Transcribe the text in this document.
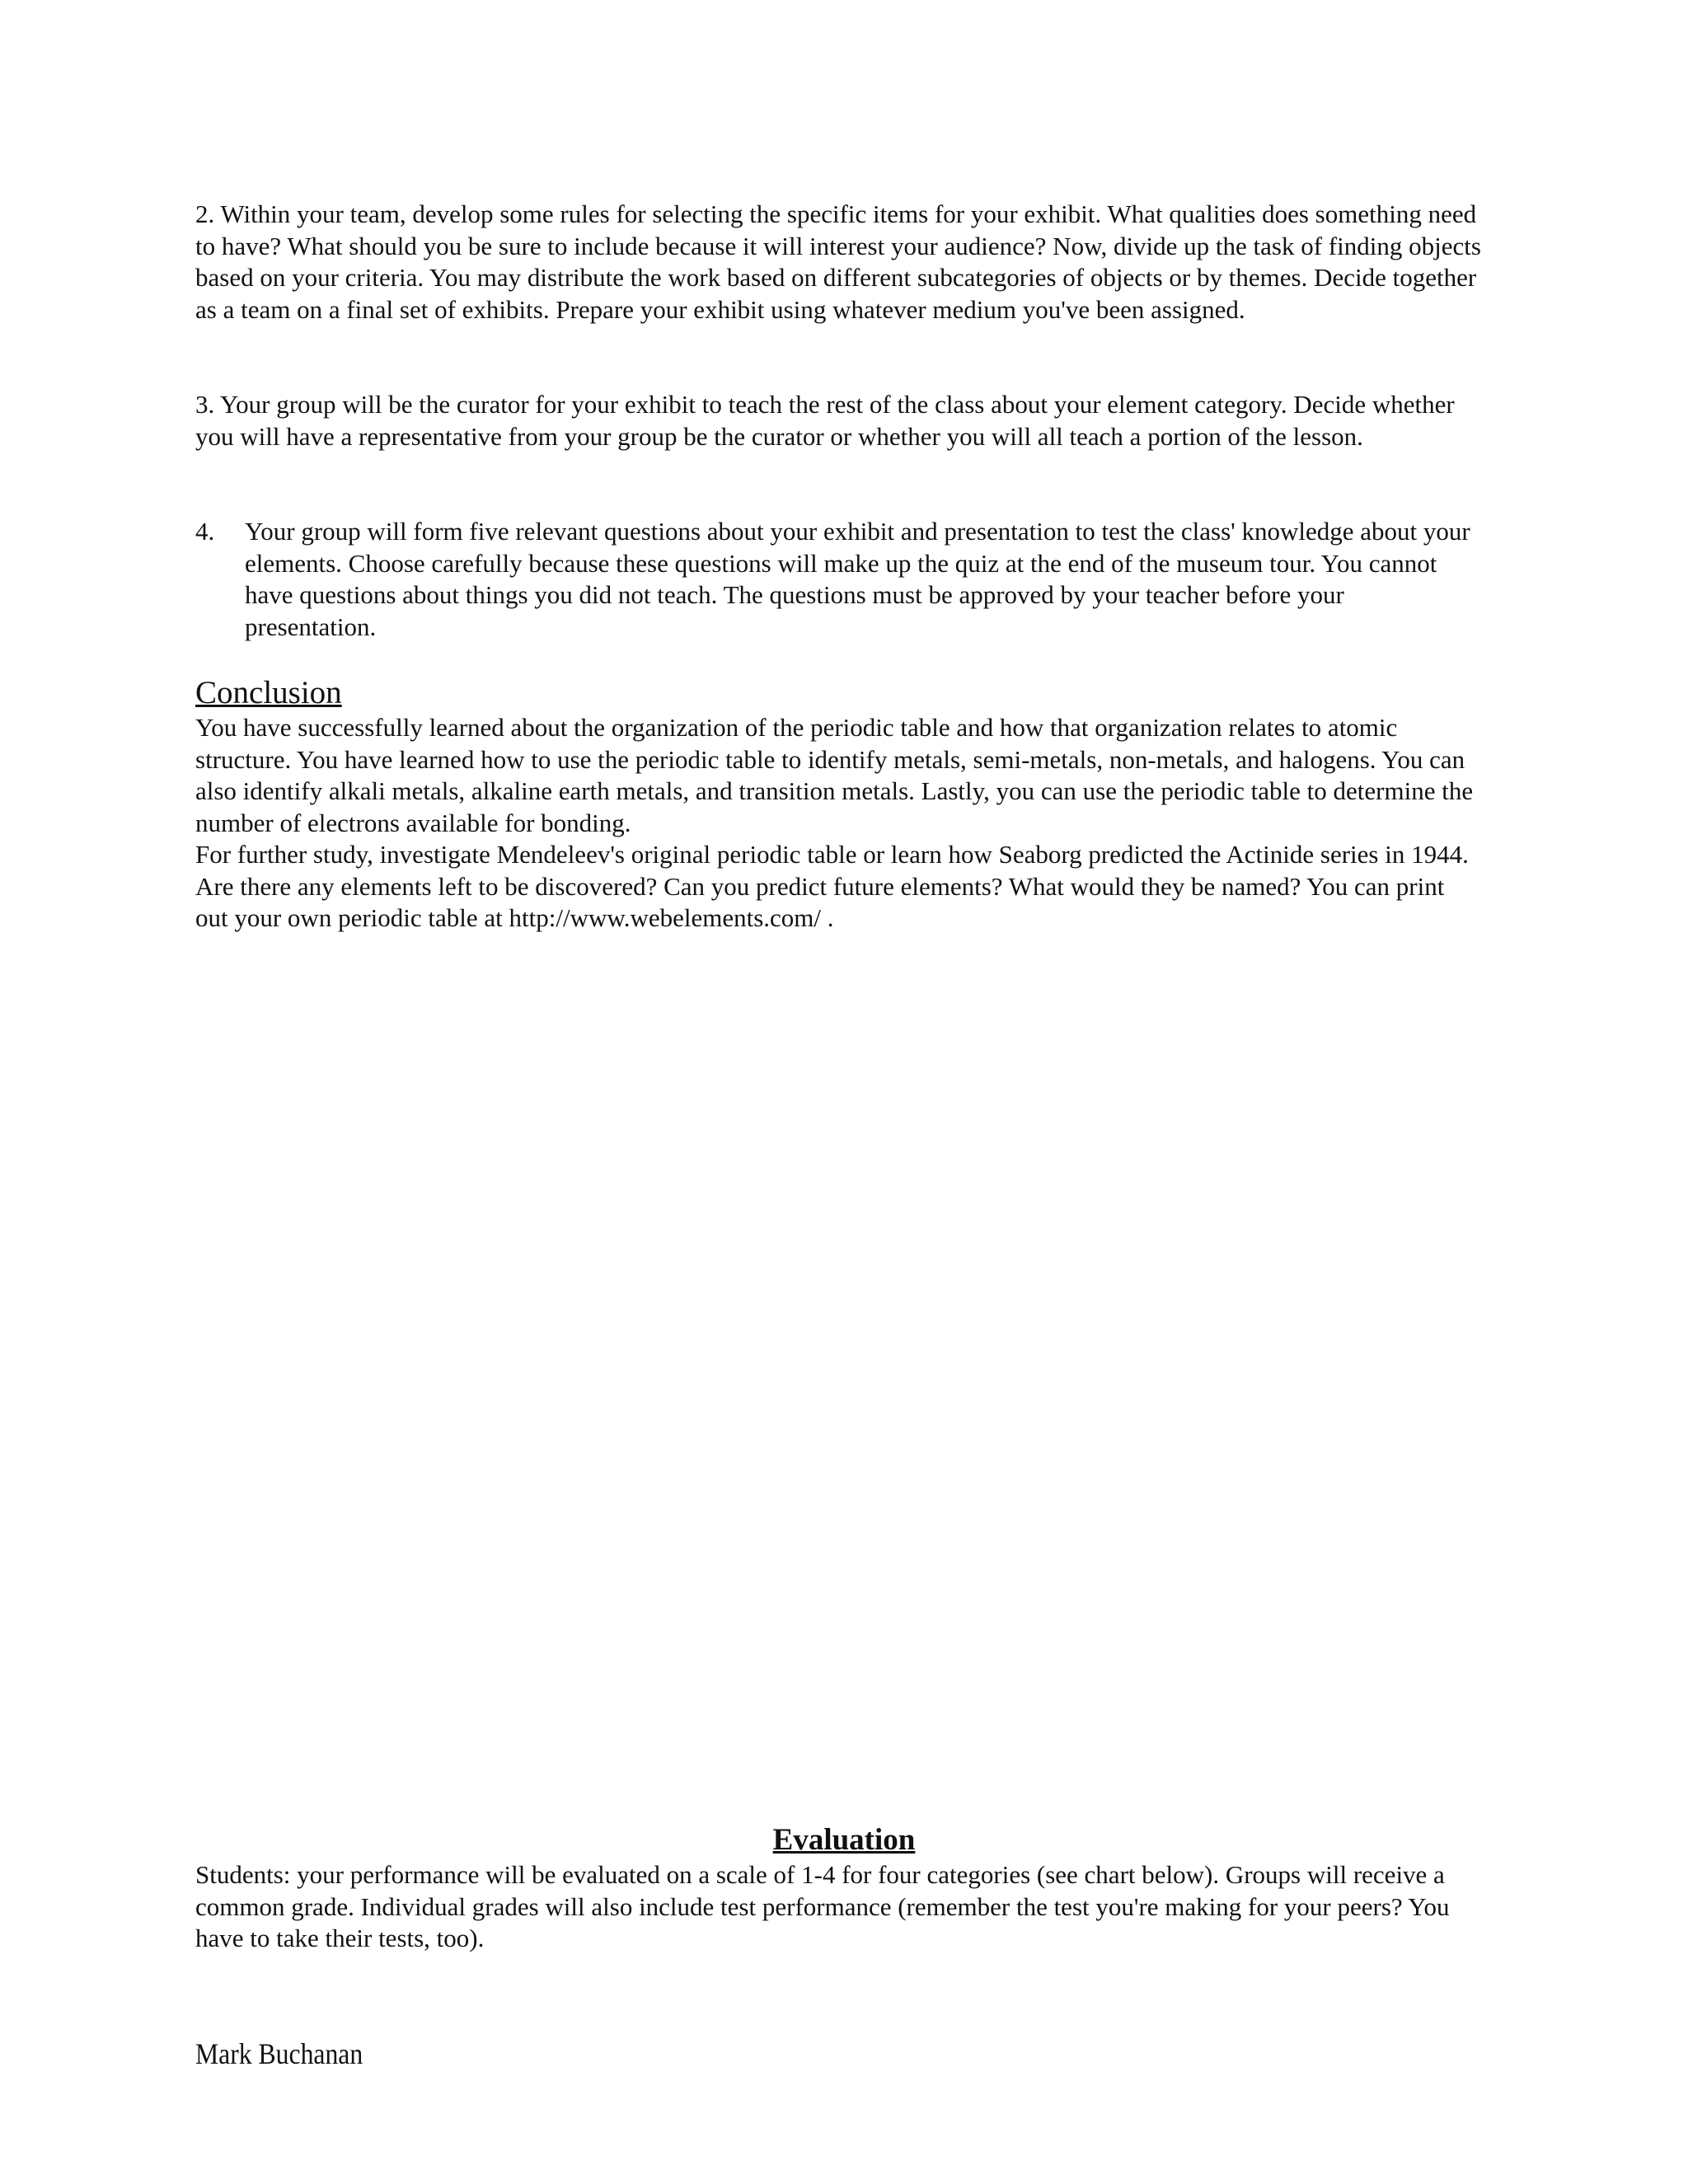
2. Within your team, develop some rules for selecting the specific items for your exhibit. What qualities does something need to have? What should you be sure to include because it will interest your audience? Now, divide up the task of finding objects based on your criteria. You may distribute the work based on different subcategories of objects or by themes. Decide together as a team on a final set of exhibits. Prepare your exhibit using whatever medium you've been assigned.

3. Your group will be the curator for your exhibit to teach the rest of the class about your element category. Decide whether you will have a representative from your group be the curator or whether you will all teach a portion of the lesson.

4. Your group will form five relevant questions about your exhibit and presentation to test the class' knowledge about your elements. Choose carefully because these questions will make up the quiz at the end of the museum tour. You cannot have questions about things you did not teach. The questions must be approved by your teacher before your presentation.
Conclusion
You have successfully learned about the organization of the periodic table and how that organization relates to atomic structure. You have learned how to use the periodic table to identify metals, semi-metals, non-metals, and halogens. You can also identify alkali metals, alkaline earth metals, and transition metals. Lastly, you can use the periodic table to determine the number of electrons available for bonding.
For further study, investigate Mendeleev's original periodic table or learn how Seaborg predicted the Actinide series in 1944. Are there any elements left to be discovered? Can you predict future elements? What would they be named? You can print out your own periodic table at http://www.webelements.com/ .
Evaluation

Students: your performance will be evaluated on a scale of 1-4 for four categories (see chart below). Groups will receive a common grade. Individual grades will also include test performance (remember the test you're making for your peers? You have to take their tests, too).

Mark Buchanan
